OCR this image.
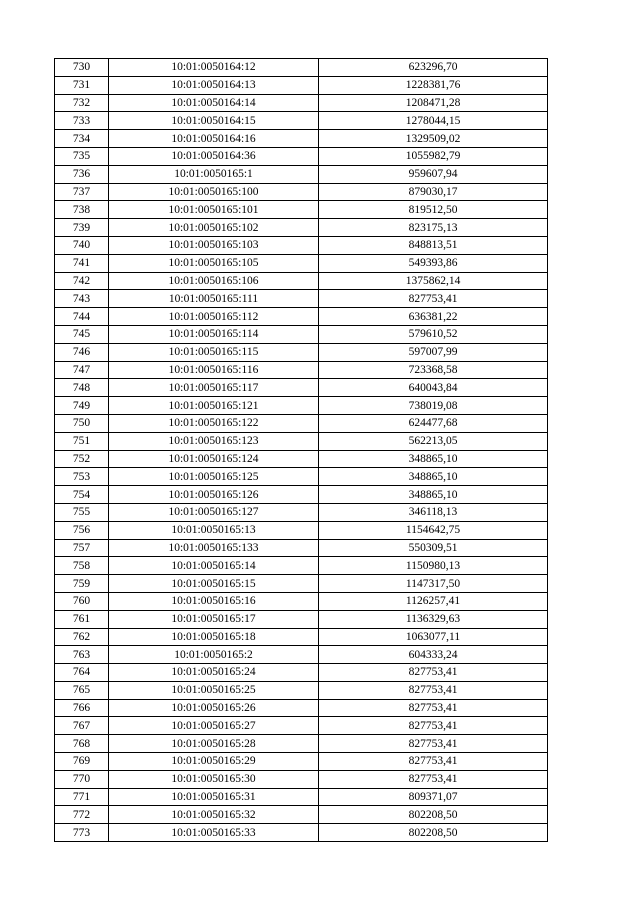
730	10:01:0050164:12	623296,70
731	10:01:0050164:13	1228381,76
732	10:01:0050164:14	1208471,28
733	10:01:0050164:15	1278044,15
734	10:01:0050164:16	1329509,02
735	10:01:0050164:36	1055982,79
736	10:01:0050165:1	959607,94
737	10:01:0050165:100	879030,17
738	10:01:0050165:101	819512,50
739	10:01:0050165:102	823175,13
740	10:01:0050165:103	848813,51
741	10:01:0050165:105	549393,86
742	10:01:0050165:106	1375862,14
743	10:01:0050165:111	827753,41
744	10:01:0050165:112	636381,22
745	10:01:0050165:114	579610,52
746	10:01:0050165:115	597007,99
747	10:01:0050165:116	723368,58
748	10:01:0050165:117	640043,84
749	10:01:0050165:121	738019,08
750	10:01:0050165:122	624477,68
751	10:01:0050165:123	562213,05
752	10:01:0050165:124	348865,10
753	10:01:0050165:125	348865,10
754	10:01:0050165:126	348865,10
755	10:01:0050165:127	346118,13
756	10:01:0050165:13	1154642,75
757	10:01:0050165:133	550309,51
758	10:01:0050165:14	1150980,13
759	10:01:0050165:15	1147317,50
760	10:01:0050165:16	1126257,41
761	10:01:0050165:17	1136329,63
762	10:01:0050165:18	1063077,11
763	10:01:0050165:2	604333,24
764	10:01:0050165:24	827753,41
765	10:01:0050165:25	827753,41
766	10:01:0050165:26	827753,41
767	10:01:0050165:27	827753,41
768	10:01:0050165:28	827753,41
769	10:01:0050165:29	827753,41
770	10:01:0050165:30	827753,41
771	10:01:0050165:31	809371,07
772	10:01:0050165:32	802208,50
773	10:01:0050165:33	802208,50
